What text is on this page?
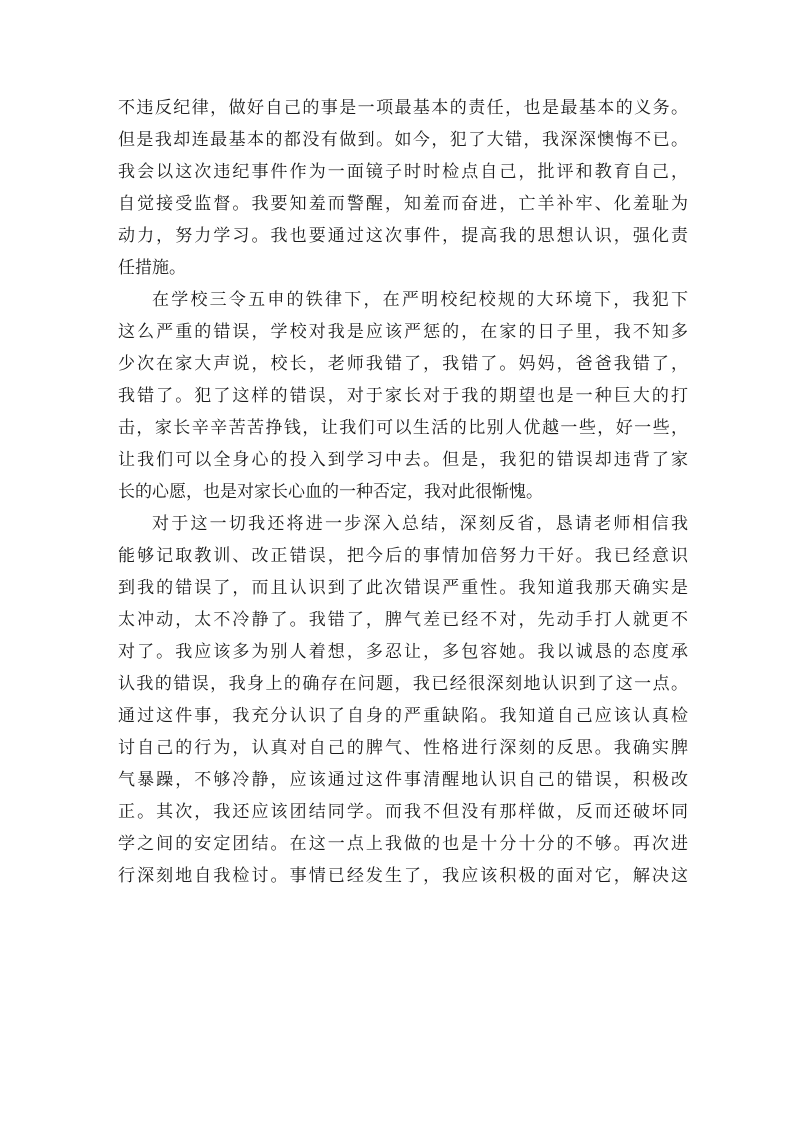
不违反纪律，做好自己的事是一项最基本的责任，也是最基本的义务。
但是我却连最基本的都没有做到。如今，犯了大错，我深深懊悔不已。
我会以这次违纪事件作为一面镜子时时检点自己，批评和教育自己，
自觉接受监督。我要知羞而警醒，知羞而奋进，亡羊补牢、化羞耻为
动力，努力学习。我也要通过这次事件，提高我的思想认识，强化责
任措施。
在学校三令五申的铁律下，在严明校纪校规的大环境下，我犯下
这么严重的错误，学校对我是应该严惩的，在家的日子里，我不知多
少次在家大声说，校长，老师我错了，我错了。妈妈，爸爸我错了，
我错了。犯了这样的错误，对于家长对于我的期望也是一种巨大的打
击，家长辛辛苦苦挣钱，让我们可以生活的比别人优越一些，好一些，
让我们可以全身心的投入到学习中去。但是，我犯的错误却违背了家
长的心愿，也是对家长心血的一种否定，我对此很惭愧。
对于这一切我还将进一步深入总结，深刻反省，恳请老师相信我
能够记取教训、改正错误，把今后的事情加倍努力干好。我已经意识
到我的错误了，而且认识到了此次错误严重性。我知道我那天确实是
太冲动，太不冷静了。我错了，脾气差已经不对，先动手打人就更不
对了。我应该多为别人着想，多忍让，多包容她。我以诚恳的态度承
认我的错误，我身上的确存在问题，我已经很深刻地认识到了这一点。
通过这件事，我充分认识了自身的严重缺陷。我知道自己应该认真检
讨自己的行为，认真对自己的脾气、性格进行深刻的反思。我确实脾
气暴躁，不够冷静，应该通过这件事清醒地认识自己的错误，积极改
正。其次，我还应该团结同学。而我不但没有那样做，反而还破坏同
学之间的安定团结。在这一点上我做的也是十分十分的不够。再次进
行深刻地自我检讨。事情已经发生了，我应该积极的面对它，解决这
